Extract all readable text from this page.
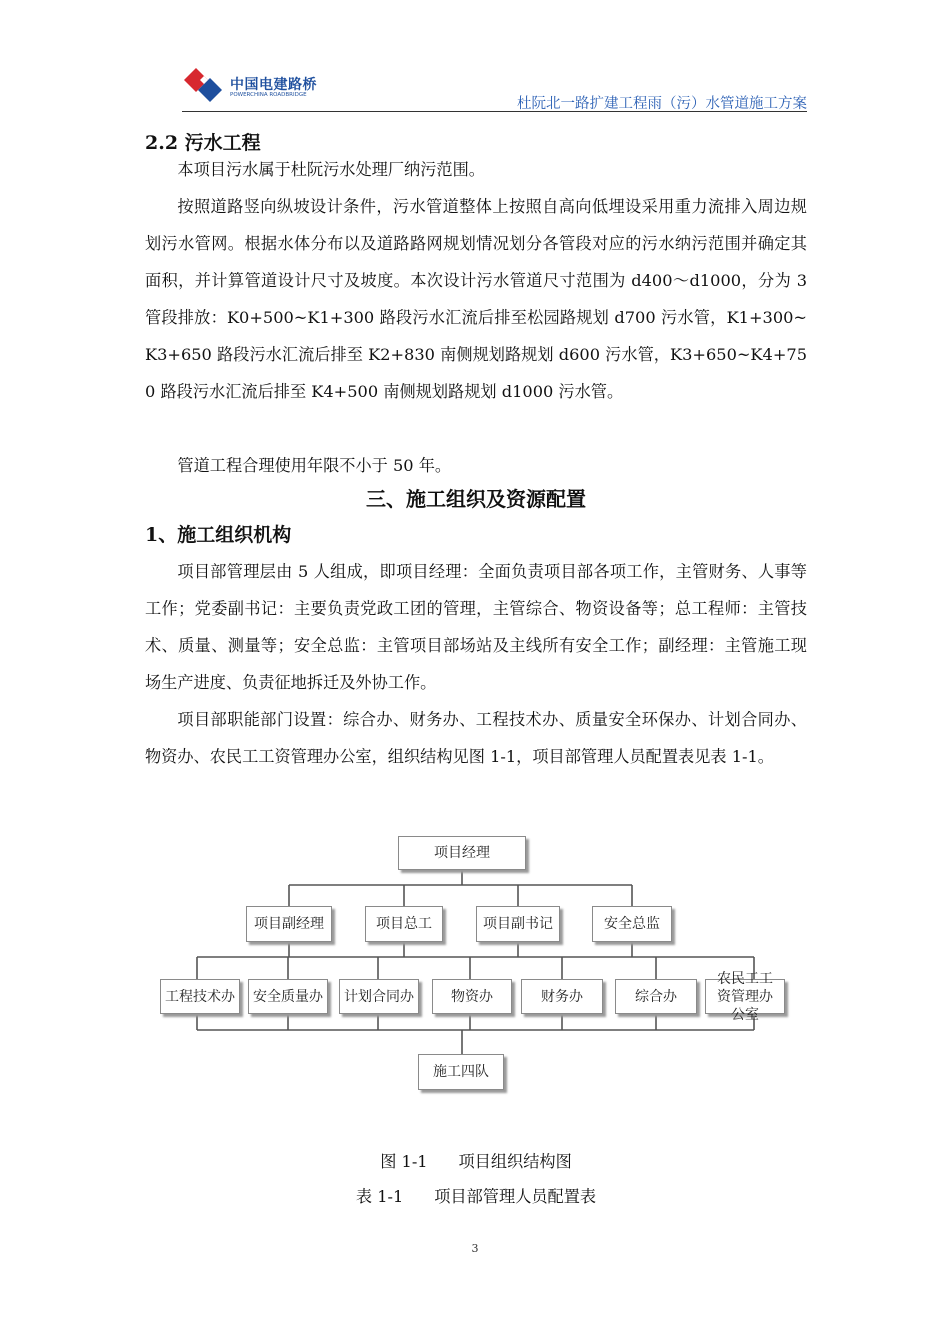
中国电建路桥
POWERCHINA ROADBRIDGE
杜阮北一路扩建工程雨（污）水管道施工方案
2.2 污水工程
本项目污水属于杜阮污水处理厂纳污范围。
按照道路竖向纵坡设计条件，污水管道整体上按照自高向低埋设采用重力流排入周边规划污水管网。根据水体分布以及道路路网规划情况划分各管段对应的污水纳污范围并确定其面积，并计算管道设计尺寸及坡度。本次设计污水管道尺寸范围为 d400～d1000，分为 3 管段排放：K0+500~K1+300 路段污水汇流后排至松园路规划 d700 污水管，K1+300~K3+650 路段污水汇流后排至 K2+830 南侧规划路规划 d600 污水管，K3+650~K4+750 路段污水汇流后排至 K4+500 南侧规划路规划 d1000 污水管。
管道工程合理使用年限不小于 50 年。
三、施工组织及资源配置
1、施工组织机构
项目部管理层由 5 人组成，即项目经理：全面负责项目部各项工作，主管财务、人事等工作；党委副书记：主要负责党政工团的管理，主管综合、物资设备等；总工程师：主管技术、质量、测量等；安全总监：主管项目部场站及主线所有安全工作；副经理：主管施工现场生产进度、负责征地拆迁及外协工作。
项目部职能部门设置：综合办、财务办、工程技术办、质量安全环保办、计划合同办、物资办、农民工工资管理办公室，组织结构见图 1-1，项目部管理人员配置表见表 1-1。
项目经理
项目副经理	项目总工	项目副书记	安全总监
工程技术办	安全质量办	计划合同办	物资办	财务办	综合办
农民工工资管理办公室
施工四队
图 1-1      项目组织结构图
表 1-1      项目部管理人员配置表
3
